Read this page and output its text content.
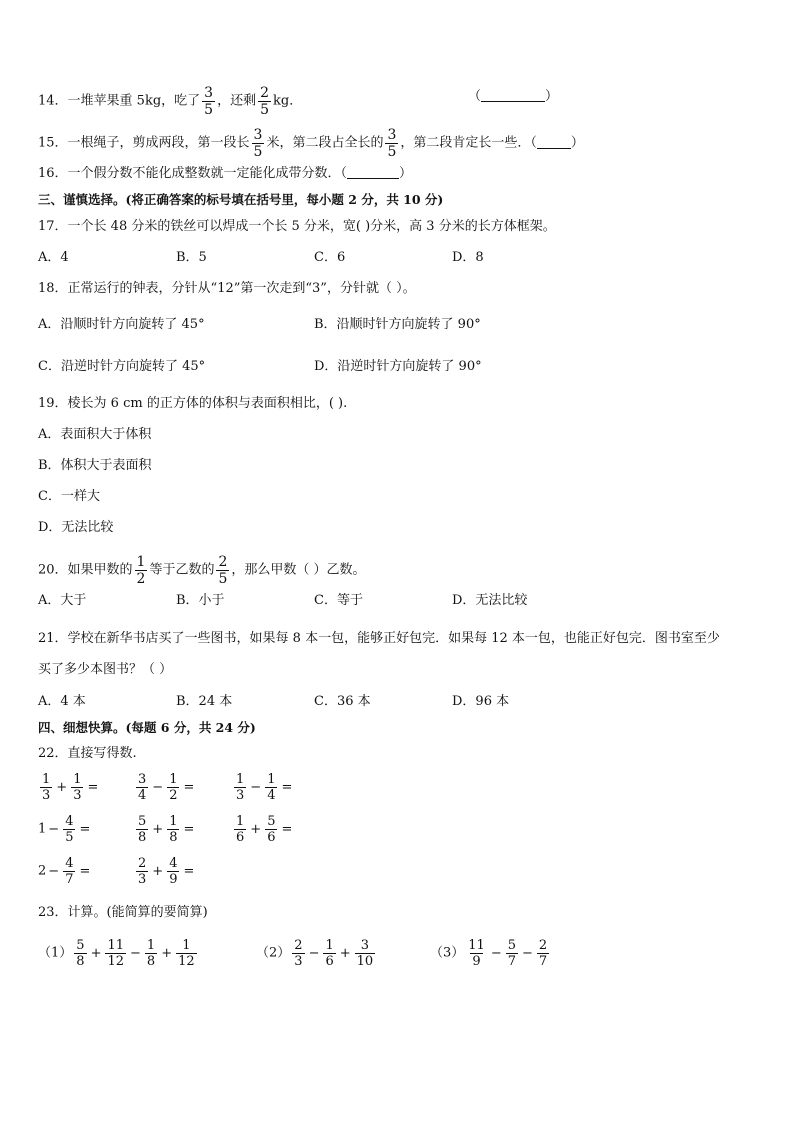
14．一堆苹果重 5kg，吃了 $\frac{3}{5}$ ，还剩 $\frac{2}{5}$ kg．	（	）
15．一根绳子，剪成两段，第一段长 $\frac{3}{5}$ 米，第二段占全长的 $\frac{3}{5}$ ，第二段肯定长一些．（	）
16．一个假分数不能化成整数就一定能化成带分数．（	）
三、谨慎选择。(将正确答案的标号填在括号里，每小题 2 分，共 10 分)
17．一个长 48 分米的铁丝可以焊成一个长 5 分米，宽( )分米，高 3 分米的长方体框架。
A．4	B．5	C．6	D．8
18．正常运行的钟表，分针从“12”第一次走到“3”，分针就（ ）。
A．沿顺时针方向旋转了 45°	B．沿顺时针方向旋转了 90°
C．沿逆时针方向旋转了 45°	D．沿逆时针方向旋转了 90°
19．棱长为 6 cm 的正方体的体积与表面积相比，( ).
A．表面积大于体积
B．体积大于表面积
C．一样大
D．无法比较
20．如果甲数的 $\frac{1}{2}$ 等于乙数的 $\frac{2}{5}$ ，那么甲数（ ）乙数。
A．大于	B．小于	C．等于	D．无法比较
21．学校在新华书店买了一些图书，如果每 8 本一包，能够正好包完．如果每 12 本一包，也能正好包完．图书室至少
买了多少本图书？（ ）
A．4 本	B．24 本	C．36 本	D．96 本
四、细想快算。(每题 6 分，共 24 分)
22．直接写得数.
$\frac{1}{3} + \frac{1}{3}$ =	$\frac{3}{4} - \frac{1}{2}$ =	$\frac{1}{3} - \frac{1}{4}$ =
$1 - \frac{4}{5}$ =	$\frac{5}{8} + \frac{1}{8}$ =	$\frac{1}{6} + \frac{5}{6}$ =
$2 - \frac{4}{7}$ =	$\frac{2}{3} + \frac{4}{9}$ =
23．计算。(能简算的要简算)
$(1) \frac{5}{8} + \frac{11}{12} - \frac{1}{8} + \frac{1}{12}$	$(2) \frac{2}{3} - \frac{1}{6} + \frac{3}{10}$	$(3) \frac{11}{9} - \frac{5}{7} - \frac{2}{7}$
